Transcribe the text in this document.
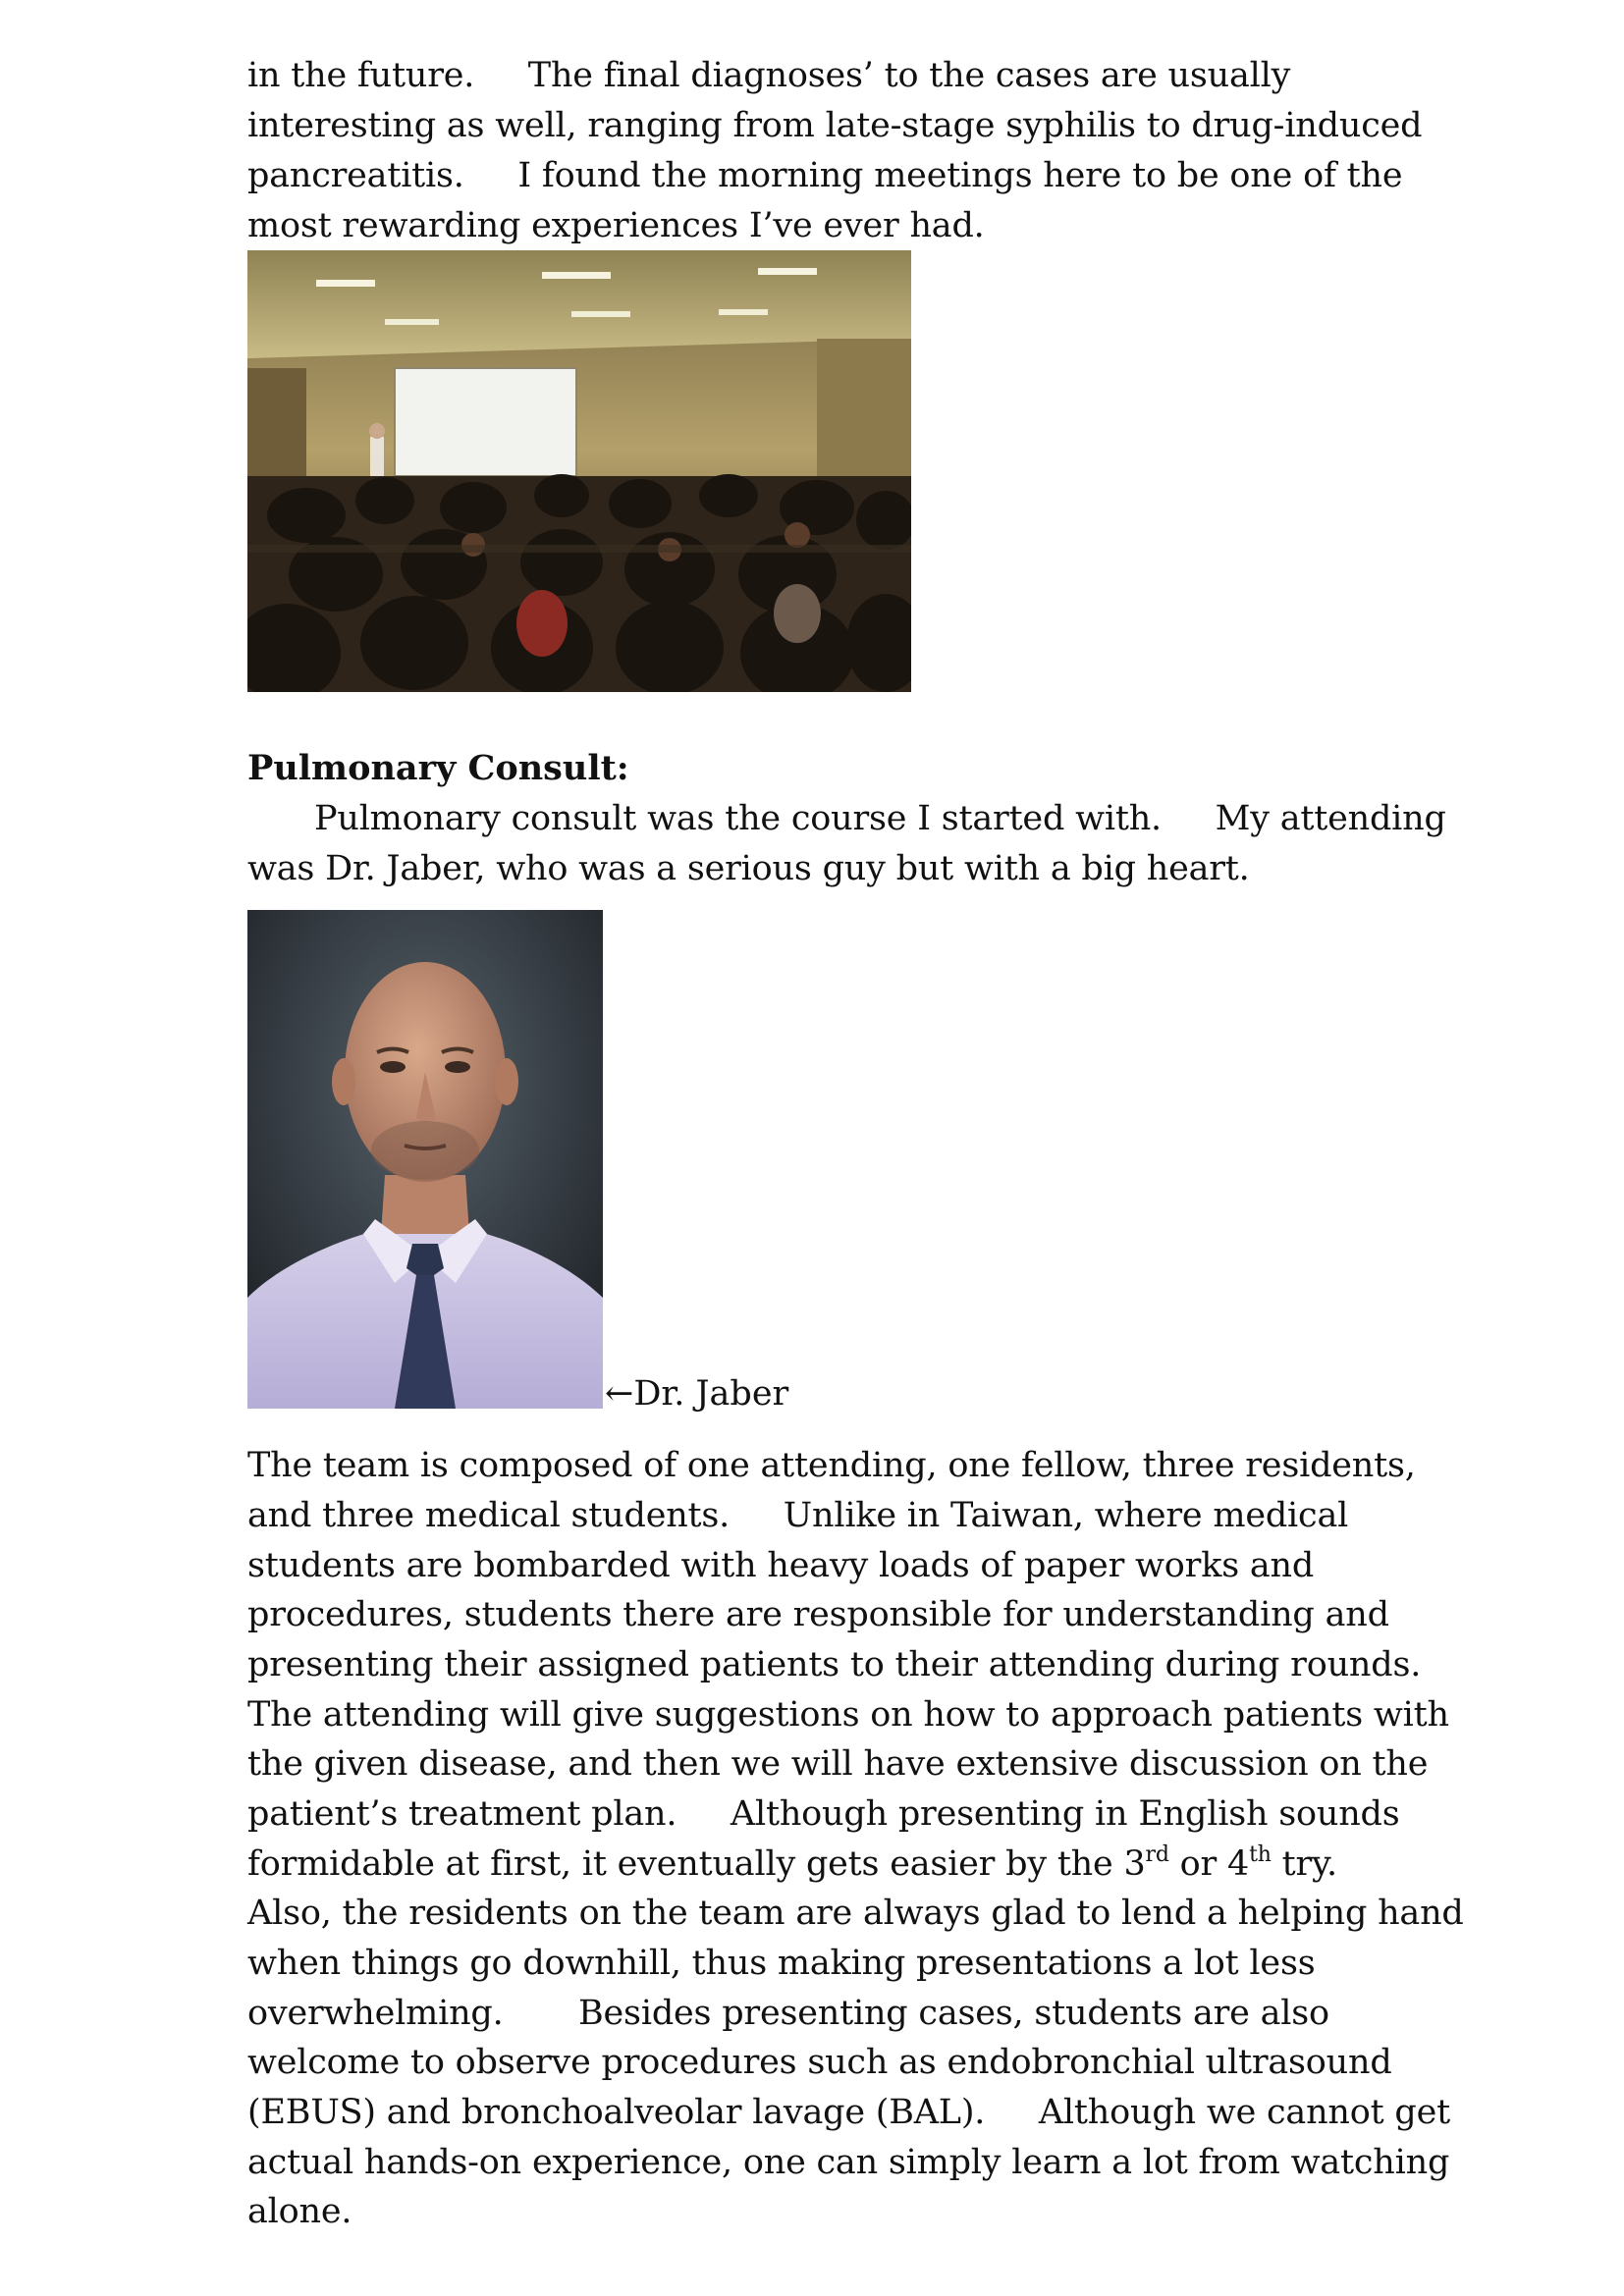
in the future.     The final diagnoses’ to the cases are usually
interesting as well, ranging from late-stage syphilis to drug-induced
pancreatitis.     I found the morning meetings here to be one of the
most rewarding experiences I’ve ever had.
Pulmonary Consult:
Pulmonary consult was the course I started with.     My attending
was Dr. Jaber, who was a serious guy but with a big heart.
←Dr. Jaber
The team is composed of one attending, one fellow, three residents,
and three medical students.     Unlike in Taiwan, where medical
students are bombarded with heavy loads of paper works and
procedures, students there are responsible for understanding and
presenting their assigned patients to their attending during rounds.
The attending will give suggestions on how to approach patients with
the given disease, and then we will have extensive discussion on the
patient’s treatment plan.     Although presenting in English sounds
formidable at first, it eventually gets easier by the 3rd or 4th try.
Also, the residents on the team are always glad to lend a helping hand
when things go downhill, thus making presentations a lot less
overwhelming.       Besides presenting cases, students are also
welcome to observe procedures such as endobronchial ultrasound
(EBUS) and bronchoalveolar lavage (BAL).     Although we cannot get
actual hands-on experience, one can simply learn a lot from watching
alone.
